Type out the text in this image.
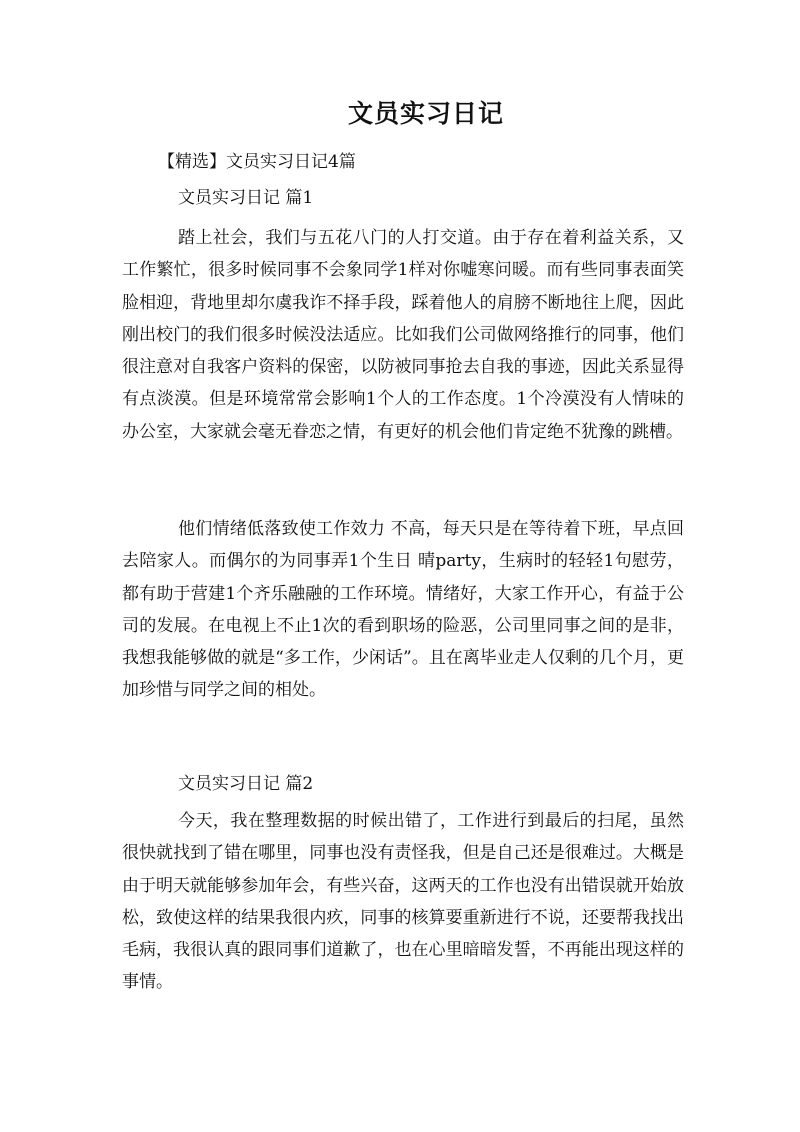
文员实习日记

【精选】文员实习日记4篇

文员实习日记 篇1

踏上社会，我们与五花八门的人打交道。由于存在着利益关系，又工作繁忙，很多时候同事不会象同学1样对你嘘寒问暖。而有些同事表面笑脸相迎，背地里却尔虞我诈不择手段，踩着他人的肩膀不断地往上爬，因此刚出校门的我们很多时候没法适应。比如我们公司做网络推行的同事，他们很注意对自我客户资料的保密，以防被同事抢去自我的事迹，因此关系显得有点淡漠。但是环境常常会影响1个人的工作态度。1个冷漠没有人情味的办公室，大家就会毫无眷恋之情，有更好的机会他们肯定绝不犹豫的跳槽。

他们情绪低落致使工作效力 不高，每天只是在等待着下班，早点回去陪家人。而偶尔的为同事弄1个生日 晴party，生病时的轻轻1句慰劳，都有助于营建1个齐乐融融的工作环境。情绪好，大家工作开心，有益于公司的发展。在电视上不止1次的看到职场的险恶，公司里同事之间的是非，我想我能够做的就是“多工作，少闲话”。且在离毕业走人仅剩的几个月，更加珍惜与同学之间的相处。

文员实习日记 篇2

今天，我在整理数据的时候出错了，工作进行到最后的扫尾，虽然很快就找到了错在哪里，同事也没有责怪我，但是自己还是很难过。大概是由于明天就能够参加年会，有些兴奋，这两天的工作也没有出错误就开始放松，致使这样的结果我很内疚，同事的核算要重新进行不说，还要帮我找出毛病，我很认真的跟同事们道歉了，也在心里暗暗发誓，不再能出现这样的事情。
